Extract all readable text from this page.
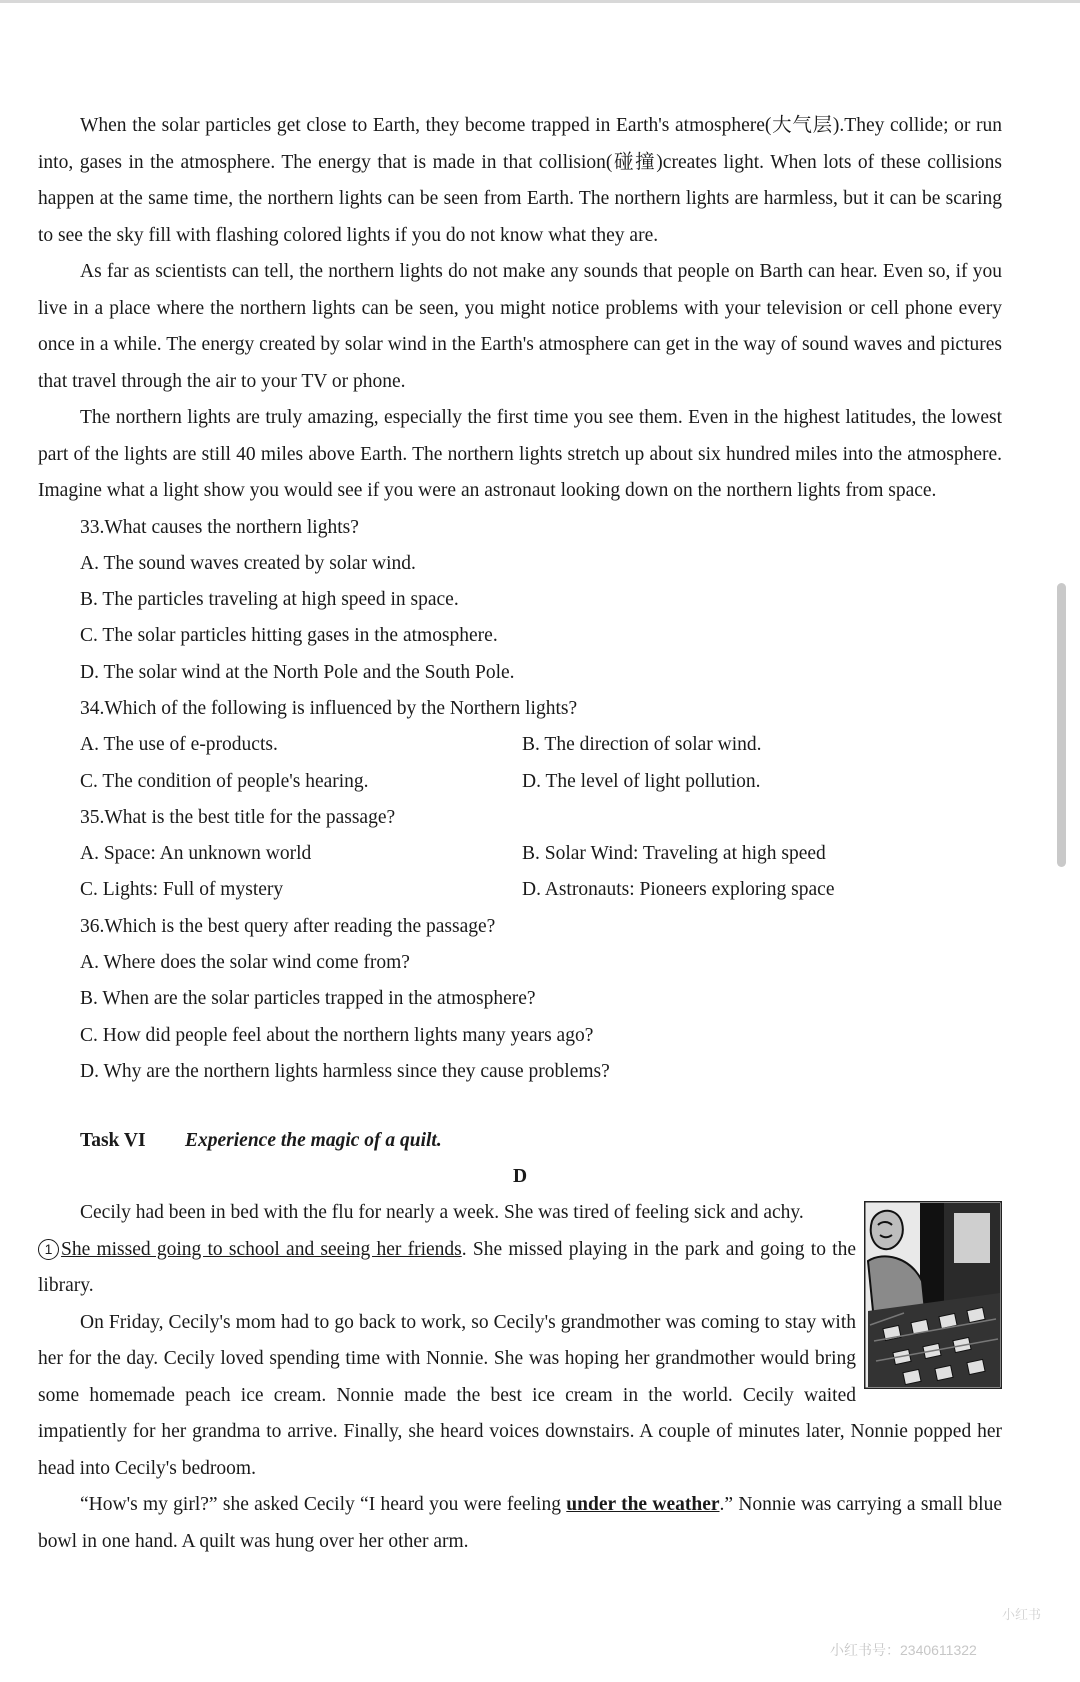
When the solar particles get close to Earth, they become trapped in Earth's atmosphere(大气层).They collide; or run into, gases in the atmosphere. The energy that is made in that collision(碰撞)creates light. When lots of these collisions happen at the same time, the northern lights can be seen from Earth. The northern lights are harmless, but it can be scaring to see the sky fill with flashing colored lights if you do not know what they are.

As far as scientists can tell, the northern lights do not make any sounds that people on Barth can hear. Even so, if you live in a place where the northern lights can be seen, you might notice problems with your television or cell phone every once in a while. The energy created by solar wind in the Earth's atmosphere can get in the way of sound waves and pictures that travel through the air to your TV or phone.

The northern lights are truly amazing, especially the first time you see them. Even in the highest latitudes, the lowest part of the lights are still 40 miles above Earth. The northern lights stretch up about six hundred miles into the atmosphere. Imagine what a light show you would see if you were an astronaut looking down on the northern lights from space.

33.What causes the northern lights?

A. The sound waves created by solar wind.

B. The particles traveling at high speed in space.

C. The solar particles hitting gases in the atmosphere.

D. The solar wind at the North Pole and the South Pole.

34.Which of the following is influenced by the Northern lights?

A. The use of e-products.	B. The direction of solar wind.
C. The condition of people's hearing.	D. The level of light pollution.

35.What is the best title for the passage?

A. Space: An unknown world	B. Solar Wind: Traveling at high speed
C. Lights: Full of mystery	D. Astronauts: Pioneers exploring space

36.Which is the best query after reading the passage?

A. Where does the solar wind come from?

B. When are the solar particles trapped in the atmosphere?

C. How did people feel about the northern lights many years ago?

D. Why are the northern lights harmless since they cause problems?

Task VI Experience the magic of a quilt.

D

Cecily had been in bed with the flu for nearly a week. She was tired of feeling sick and achy.
1 She missed going to school and seeing her friends. She missed playing in the park and going to the library.

On Friday, Cecily's mom had to go back to work, so Cecily's grandmother was coming to stay with her for the day. Cecily loved spending time with Nonnie. She was hoping her grandmother would bring some homemade peach ice cream. Nonnie made the best ice cream in the world. Cecily waited impatiently for her grandma to arrive. Finally, she heard voices downstairs. A couple of minutes later, Nonnie popped her head into Cecily's bedroom.

“How's my girl?” she asked Cecily “I heard you were feeling under the weather.” Nonnie was carrying a small blue bowl in one hand. A quilt was hung over her other arm.

小红书
小红书号：2340611322
